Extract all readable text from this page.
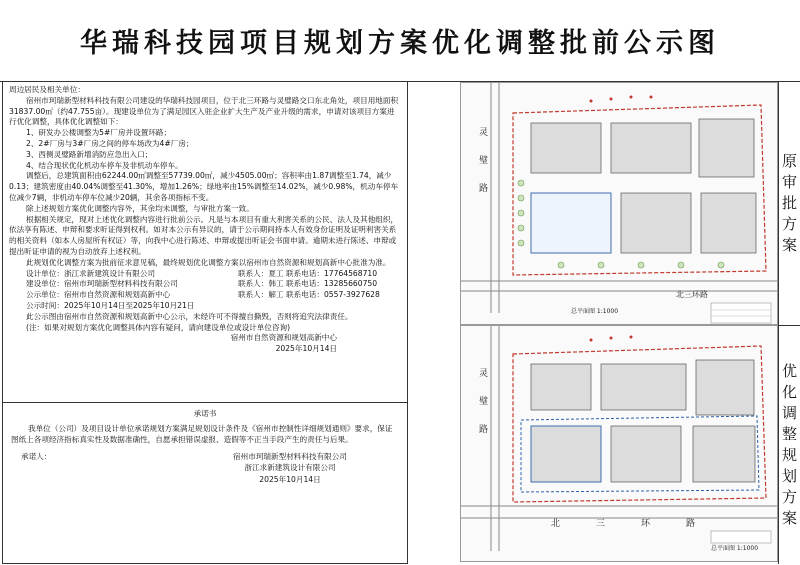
华瑞科技园项目规划方案优化调整批前公示图

周边居民及相关单位：

宿州市珂瑞新型材料科技有限公司建设的华瑞科技园项目，位于北三环路与灵璧路交口东北角处，项目用地面积31837.00㎡（约47.755亩）。现建设单位为了满足园区入驻企业扩大生产及产业升级的需求，申请对该项目方案进行优化调整，具体优化调整如下：

1、研发办公楼调整为5#厂房并设置环路；

2、2#厂房与3#厂房之间的停车场改为4#厂房；

3、西侧灵璧路新增消防应急出入口；

4、结合现状优化机动车停车及非机动车停车。

调整后，总建筑面积由62244.00㎡调整至57739.00㎡，减少4505.00㎡；容积率由1.87调整至1.74，减少0.13；建筑密度由40.04%调整至41.30%，增加1.26%；绿地率由15%调整至14.02%，减少0.98%，机动车停车位减少7辆，非机动车停车位减少20辆，其余各项指标不变。

除上述规划方案优化调整内容外，其余均未调整，与审批方案一致。

根据相关规定，现对上述优化调整内容进行批前公示。凡是与本项目有重大利害关系的公民、法人及其他组织，依法享有陈述、申辩和要求听证得到权利。如对本公示有异议的，请于公示期间持本人有效身份证明及证明利害关系的相关资料（如本人房屋所有权证）等，向我中心进行陈述、申辩或提出听证会书面申请。逾期未进行陈述、申辩或提出听证申请的视为自动放弃上述权利。

此规划优化调整方案为批前征求意见稿，最终规划优化调整方案以宿州市自然资源和规划高新中心批准为准。

设计单位：浙江求新建筑设计有限公司	联系人：夏工 联系电话：17764568710
建设单位：宿州市珂瑞新型材料科技有限公司	联系人：韩工 联系电话：13285660750
公示单位：宿州市自然资源和规划高新中心	联系人：解工 联系电话：0557-3927628

公示时间：2025年10月14日至2025年10月21日

此公示图由宿州市自然资源和规划高新中心公示，未经许可不得擅自撕毁，否则将追究法律责任。

(注：如果对规划方案优化调整具体内容有疑问，请向建设单位或设计单位咨询)

宿州市自然资源和规划高新中心

2025年10月14日

承诺书

我单位（公司）及项目设计单位承诺规划方案满足规划设计条件及《宿州市控制性详细规划通则》要求，保证图纸上各项经济指标真实性及数据准确性，自愿承担错误虚报、造假等不正当手段产生的责任与后果。

承诺人：	宿州市珂瑞新型材料科技有限公司

浙江求新建筑设计有限公司

2025年10月14日

灵
璧
路
北三环路
总平面图 1:1000
灵
璧
路
北	三	环	路
总平面图 1:1000
原
审
批
方
案
优
化
调
整
规
划
方
案
